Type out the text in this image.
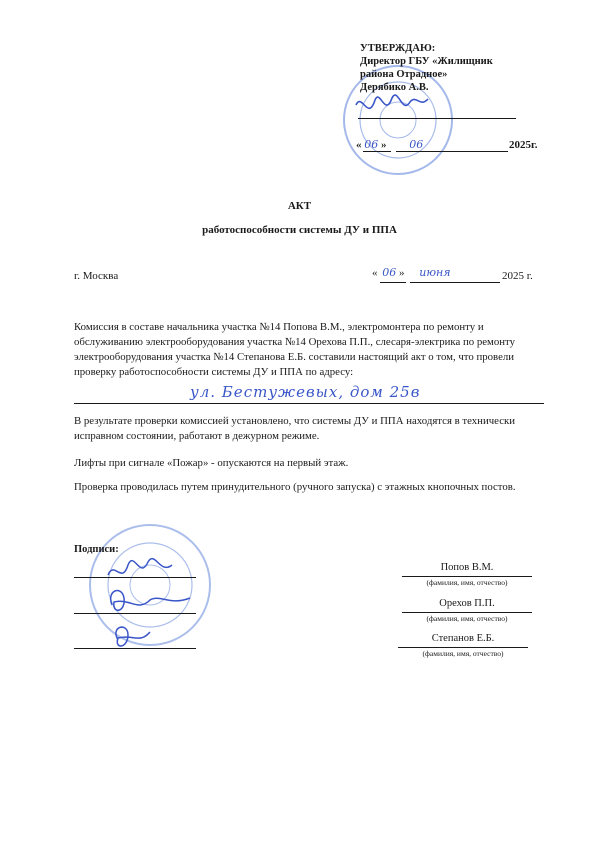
УТВЕРЖДАЮ:
Директор ГБУ «Жилищник
района Отрадное»
Дерябико А.В.
« 06 » 06	2025г.
АКТ
работоспособности системы ДУ и ППА
г. Москва	« 06 » июня	2025 г.
Комиссия в составе начальника участка №14 Попова В.М., электромонтера по ремонту и обслуживанию электрооборудования участка №14 Орехова П.П., слесаря-электрика по ремонту электрооборудования участка №14 Степанова Е.Б. составили настоящий акт о том, что провели проверку работоспособности системы ДУ и ППА по адресу:
ул. Бестужевых, дом 25в
В результате проверки комиссией установлено, что системы ДУ и ППА находятся в технически исправном состоянии, работают в дежурном режиме.
Лифты при сигнале «Пожар» - опускаются на первый этаж.
Проверка проводилась путем принудительного (ручного запуска) с этажных кнопочных постов.
Подписи:
Попов В.М.
(фамилия, имя, отчество)
Орехов П.П.
(фамилия, имя, отчество)
Степанов Е.Б.
(фамилия, имя, отчество)
